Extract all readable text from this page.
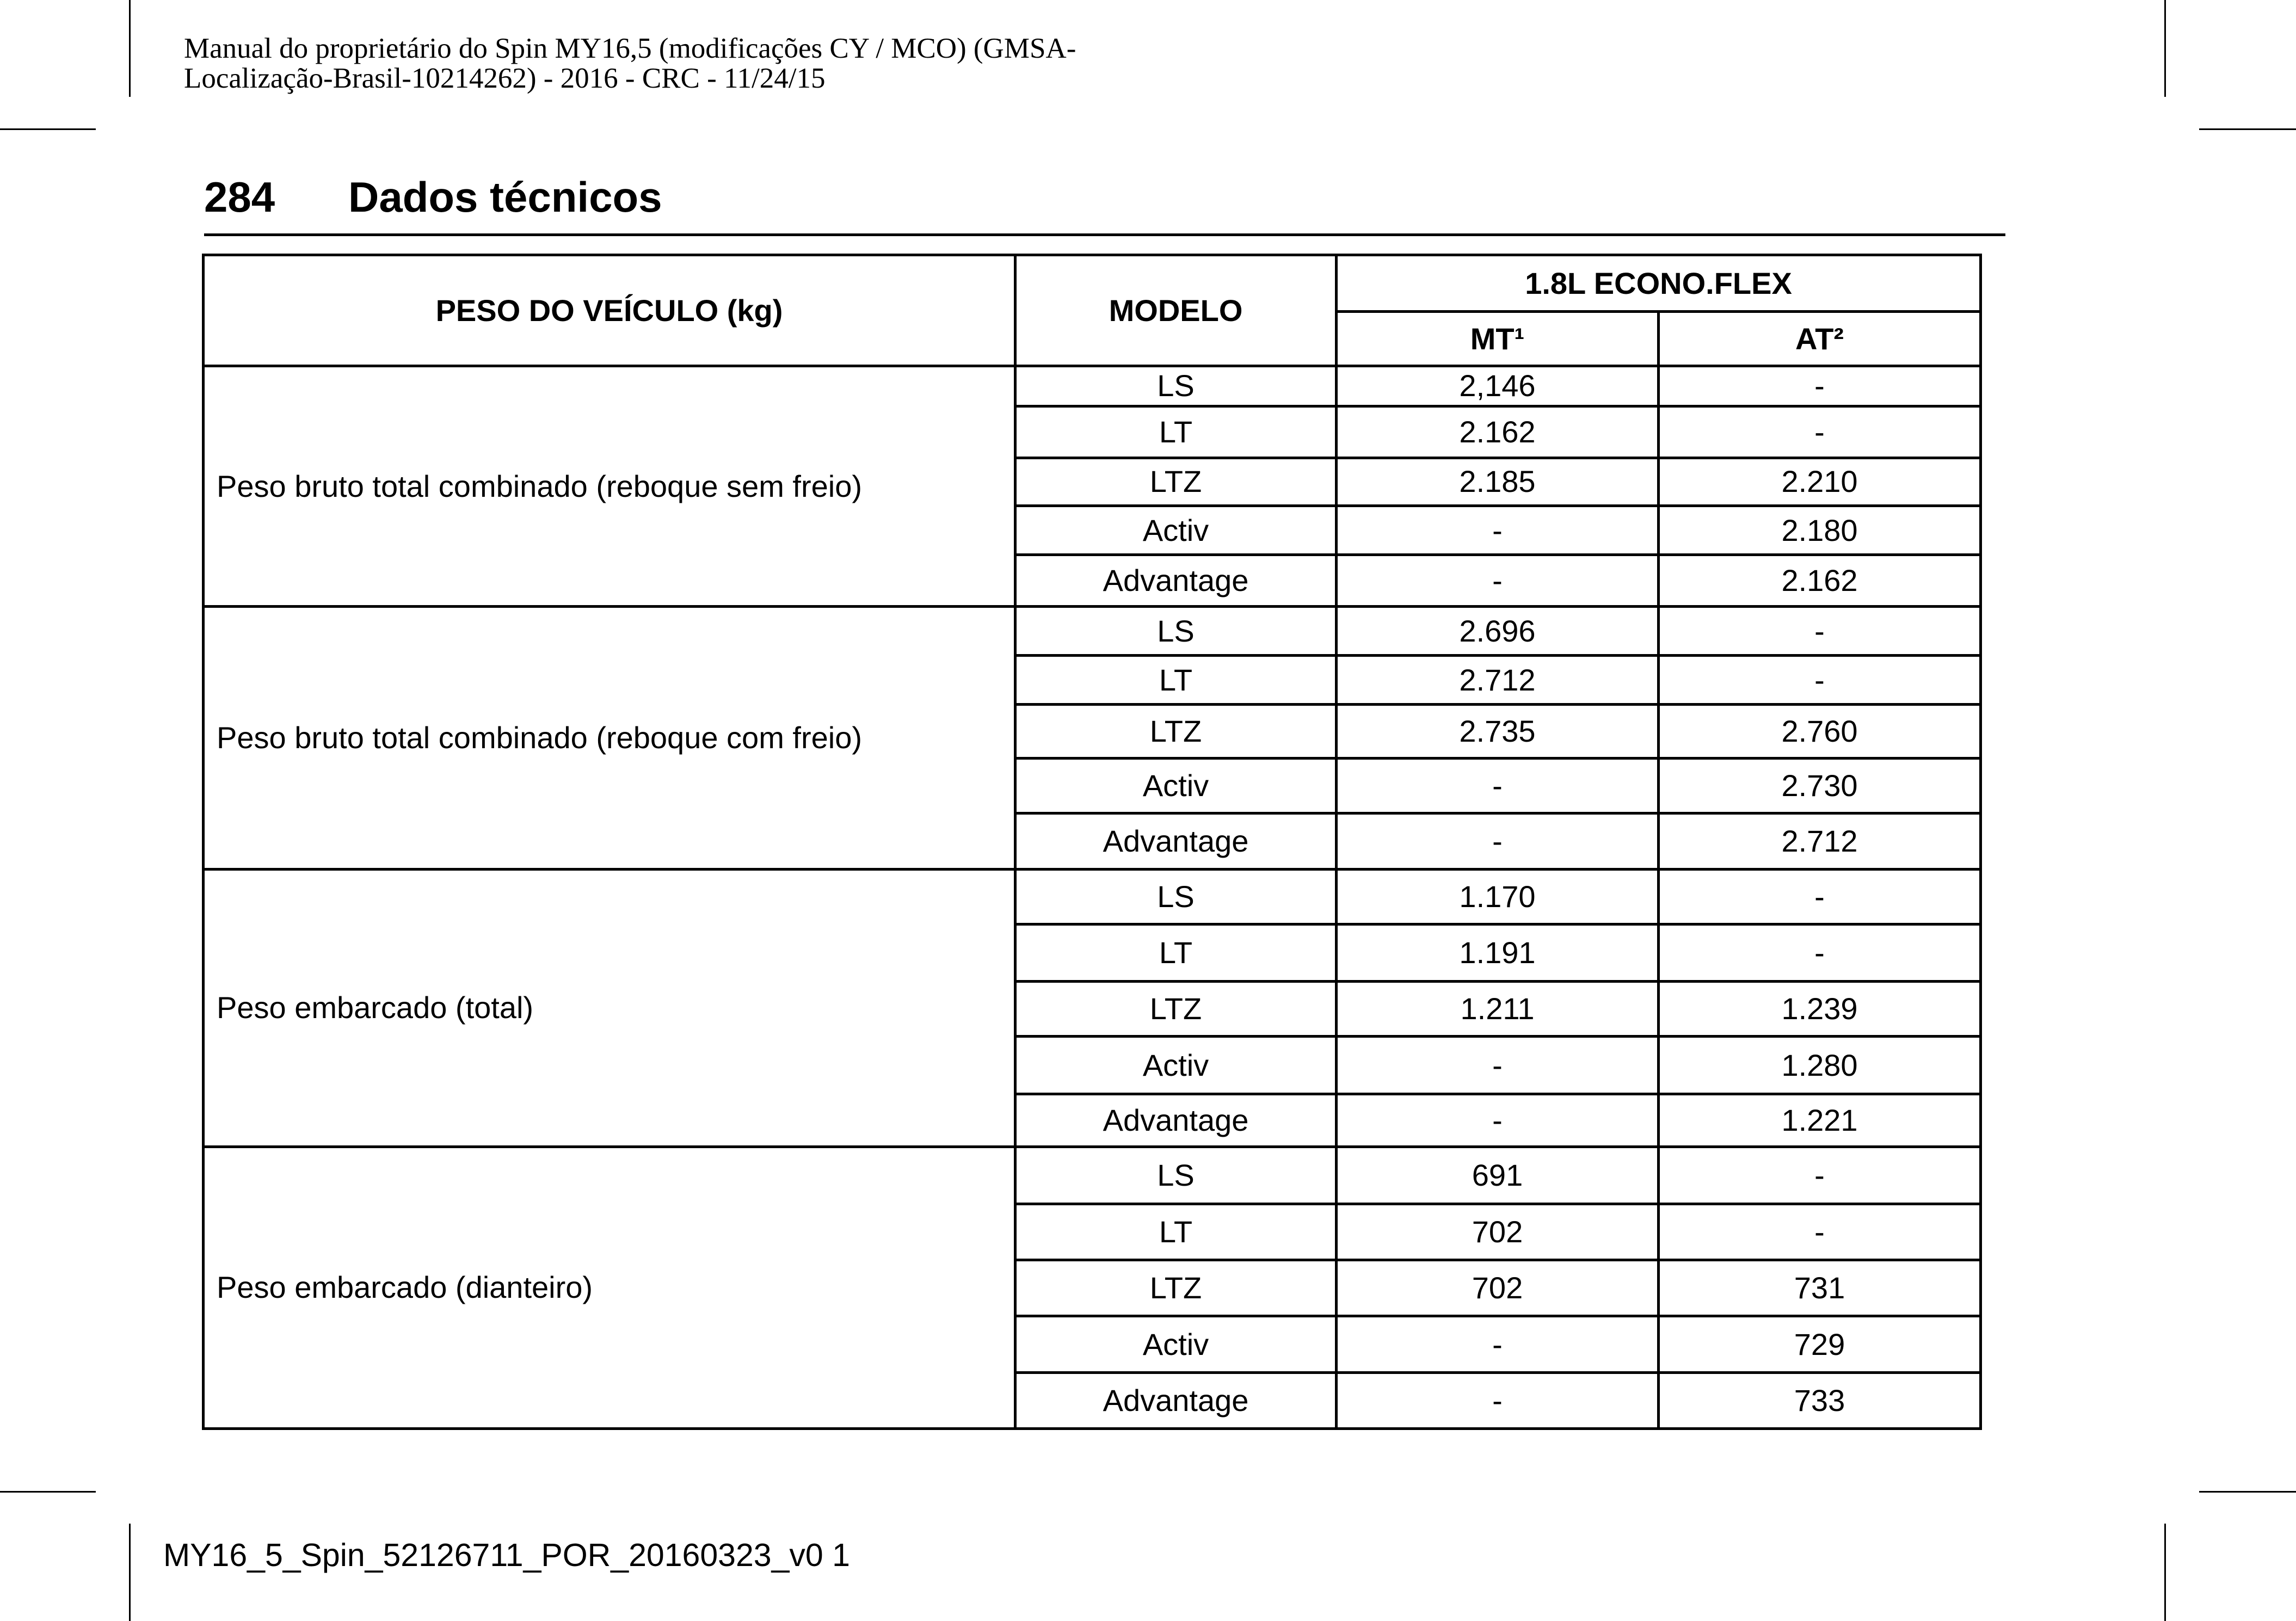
Manual do proprietário do Spin MY16,5 (modificações CY / MCO) (GMSA-
Localização-Brasil-10214262) - 2016 - CRC - 11/24/15
284 Dados técnicos
PESO DO VEÍCULO (kg)	MODELO	1.8L ECONO.FLEX	
		MT¹	AT²
Peso bruto total combinado (reboque sem freio)	LS	2,146	-
	LT	2.162	-
	LTZ	2.185	2.210
	Activ	-	2.180
	Advantage	-	2.162
Peso bruto total combinado (reboque com freio)	LS	2.696	-
	LT	2.712	-
	LTZ	2.735	2.760
	Activ	-	2.730
	Advantage	-	2.712
Peso embarcado (total)	LS	1.170	-
	LT	1.191	-
	LTZ	1.211	1.239
	Activ	-	1.280
	Advantage	-	1.221
Peso embarcado (dianteiro)	LS	691	-
	LT	702	-
	LTZ	702	731
	Activ	-	729
	Advantage	-	733
MY16_5_Spin_52126711_POR_20160323_v0 1
